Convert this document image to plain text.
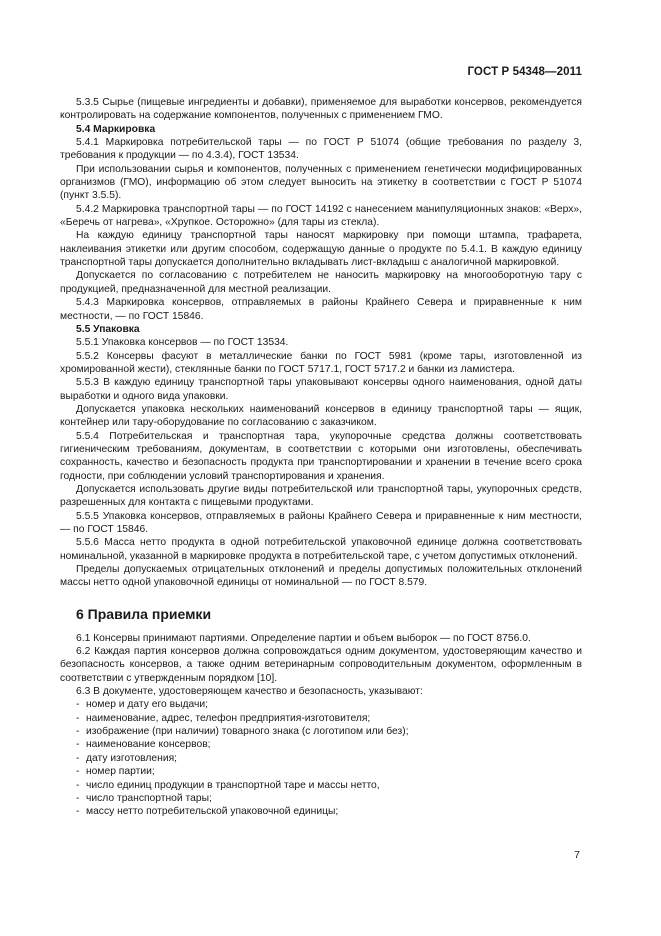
ГОСТ Р 54348—2011

5.3.5 Сырье (пищевые ингредиенты и добавки), применяемое для выработки консервов, рекомендуется контролировать на содержание компонентов, полученных с применением ГМО.

5.4 Маркировка

5.4.1 Маркировка потребительской тары — по ГОСТ Р 51074 (общие требования по разделу 3, требования к продукции — по 4.3.4), ГОСТ 13534.

При использовании сырья и компонентов, полученных с применением генетически модифицированных организмов (ГМО), информацию об этом следует выносить на этикетку в соответствии с ГОСТ Р 51074 (пункт 3.5.5).

5.4.2 Маркировка транспортной тары — по ГОСТ 14192 с нанесением манипуляционных знаков: «Верх», «Беречь от нагрева», «Хрупкое. Осторожно» (для тары из стекла).

На каждую единицу транспортной тары наносят маркировку при помощи штампа, трафарета, наклеивания этикетки или другим способом, содержащую данные о продукте по 5.4.1. В каждую единицу транспортной тары допускается дополнительно вкладывать лист-вкладыш с аналогичной маркировкой.

Допускается по согласованию с потребителем не наносить маркировку на многооборотную тару с продукцией, предназначенной для местной реализации.

5.4.3 Маркировка консервов, отправляемых в районы Крайнего Севера и приравненные к ним местности, — по ГОСТ 15846.

5.5 Упаковка

5.5.1 Упаковка консервов — по ГОСТ 13534.

5.5.2 Консервы фасуют в металлические банки по ГОСТ 5981 (кроме тары, изготовленной из хромированной жести), стеклянные банки по ГОСТ 5717.1, ГОСТ 5717.2 и банки из ламистера.

5.5.3 В каждую единицу транспортной тары упаковывают консервы одного наименования, одной даты выработки и одного вида упаковки.

Допускается упаковка нескольких наименований консервов в единицу транспортной тары — ящик, контейнер или тару-оборудование по согласованию с заказчиком.

5.5.4 Потребительская и транспортная тара, укупорочные средства должны соответствовать гигиеническим требованиям, документам, в соответствии с которыми они изготовлены, обеспечивать сохранность, качество и безопасность продукта при транспортировании и хранении в течение всего срока годности, при соблюдении условий транспортирования и хранения.

Допускается использовать другие виды потребительской или транспортной тары, укупорочных средств, разрешенных для контакта с пищевыми продуктами.

5.5.5 Упаковка консервов, отправляемых в районы Крайнего Севера и приравненные к ним местности, — по ГОСТ 15846.

5.5.6 Масса нетто продукта в одной потребительской упаковочной единице должна соответствовать номинальной, указанной в маркировке продукта в потребительской таре, с учетом допустимых отклонений.

Пределы допускаемых отрицательных отклонений и пределы допустимых положительных отклонений массы нетто одной упаковочной единицы от номинальной — по ГОСТ 8.579.

6 Правила приемки

6.1 Консервы принимают партиями. Определение партии и объем выборок — по ГОСТ 8756.0.

6.2 Каждая партия консервов должна сопровождаться одним документом, удостоверяющим качество и безопасность консервов, а также одним ветеринарным сопроводительным документом, оформленным в соответствии с утвержденным порядком [10].

6.3 В документе, удостоверяющем качество и безопасность, указывают:

- номер и дату его выдачи;

- наименование, адрес, телефон предприятия-изготовителя;

- изображение (при наличии) товарного знака (с логотипом или без);

- наименование консервов;

- дату изготовления;

- номер партии;

- число единиц продукции в транспортной таре и массы нетто,

- число транспортной тары;

- массу нетто потребительской упаковочной единицы;

7
